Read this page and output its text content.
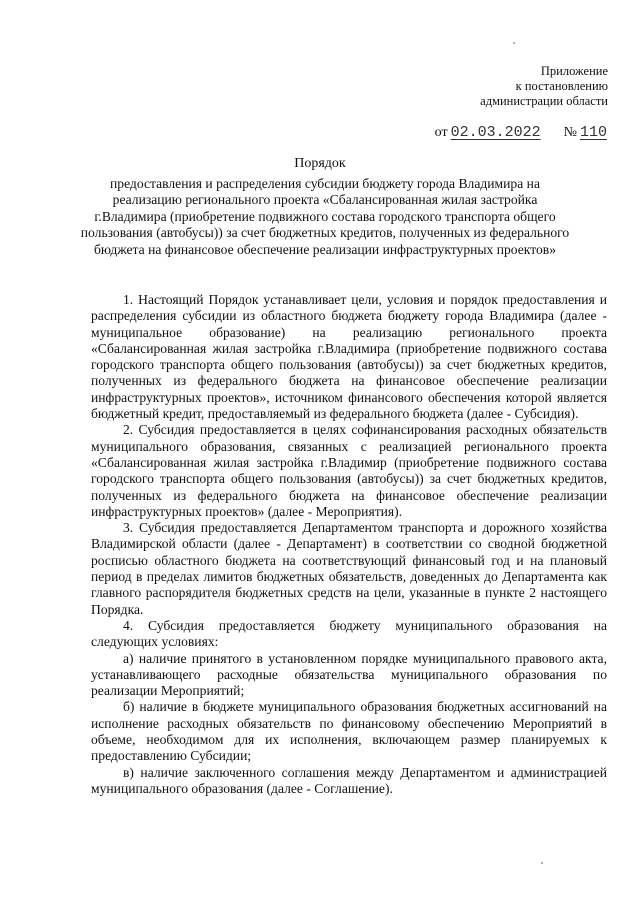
Приложение
к постановлению
администрации области
от 02.03.2022 № 110
Порядок
предоставления и распределения субсидии бюджету города Владимира на реализацию регионального проекта «Сбалансированная жилая застройка г.Владимира (приобретение подвижного состава городского транспорта общего пользования (автобусы)) за счет бюджетных кредитов, полученных из федерального бюджета на финансовое обеспечение реализации инфраструктурных проектов»

1. Настоящий Порядок устанавливает цели, условия и порядок предоставления и распределения субсидии из областного бюджета бюджету города Владимира (далее - муниципальное образование) на реализацию регионального проекта «Сбалансированная жилая застройка г.Владимира (приобретение подвижного состава городского транспорта общего пользования (автобусы)) за счет бюджетных кредитов, полученных из федерального бюджета на финансовое обеспечение реализации инфраструктурных проектов», источником финансового обеспечения которой является бюджетный кредит, предоставляемый из федерального бюджета (далее - Субсидия).

2. Субсидия предоставляется в целях софинансирования расходных обязательств муниципального образования, связанных с реализацией регионального проекта «Сбалансированная жилая застройка г.Владимир (приобретение подвижного состава городского транспорта общего пользования (автобусы)) за счет бюджетных кредитов, полученных из федерального бюджета на финансовое обеспечение реализации инфраструктурных проектов» (далее - Мероприятия).

3. Субсидия предоставляется Департаментом транспорта и дорожного хозяйства Владимирской области (далее - Департамент) в соответствии со сводной бюджетной росписью областного бюджета на соответствующий финансовый год и на плановый период в пределах лимитов бюджетных обязательств, доведенных до Департамента как главного распорядителя бюджетных средств на цели, указанные в пункте 2 настоящего Порядка.

4. Субсидия предоставляется бюджету муниципального образования на следующих условиях:

а) наличие принятого в установленном порядке муниципального правового акта, устанавливающего расходные обязательства муниципального образования по реализации Мероприятий;

б) наличие в бюджете муниципального образования бюджетных ассигнований на исполнение расходных обязательств по финансовому обеспечению Мероприятий в объеме, необходимом для их исполнения, включающем размер планируемых к предоставлению Субсидии;

в) наличие заключенного соглашения между Департаментом и администрацией муниципального образования (далее - Соглашение).
